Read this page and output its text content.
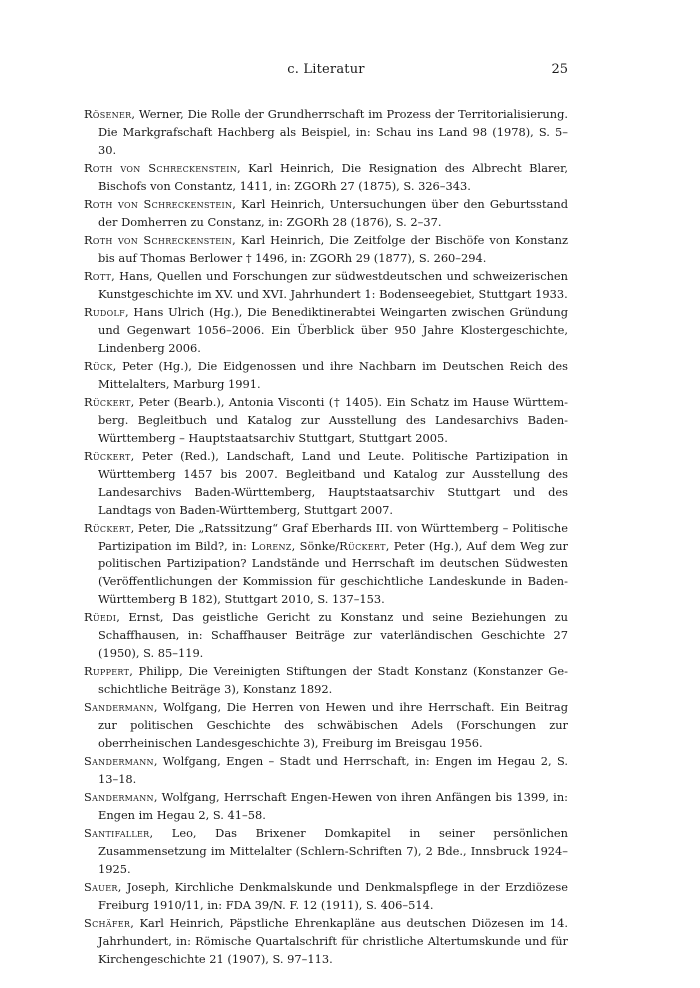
c. Literatur	25
Rösener, Werner, Die Rolle der Grundherrschaft im Prozess der Territorialisierung. Die Markgrafschaft Hachberg als Beispiel, in: Schau ins Land 98 (1978), S. 5–30.
Roth von Schreckenstein, Karl Heinrich, Die Resignation des Albrecht Blarer, Bischofs von Constantz, 1411, in: ZGORh 27 (1875), S. 326–343.
Roth von Schreckenstein, Karl Heinrich, Untersuchungen über den Geburtsstand der Domherren zu Constanz, in: ZGORh 28 (1876), S. 2–37.
Roth von Schreckenstein, Karl Heinrich, Die Zeitfolge der Bischöfe von Konstanz bis auf Thomas Berlower † 1496, in: ZGORh 29 (1877), S. 260–294.
Rott, Hans, Quellen und Forschungen zur südwestdeutschen und schweizerischen Kunstgeschichte im XV. und XVI. Jahrhundert 1: Bodenseegebiet, Stuttgart 1933.
Rudolf, Hans Ulrich (Hg.), Die Benediktinerabtei Weingarten zwischen Gründung und Gegenwart 1056–2006. Ein Überblick über 950 Jahre Klostergeschichte, Lindenberg 2006.
Rück, Peter (Hg.), Die Eidgenossen und ihre Nachbarn im Deutschen Reich des Mittelalters, Marburg 1991.
Rückert, Peter (Bearb.), Antonia Visconti († 1405). Ein Schatz im Hause Württemberg. Begleitbuch und Katalog zur Ausstellung des Landesarchivs Baden-Württemberg – Hauptstaatsarchiv Stuttgart, Stuttgart 2005.
Rückert, Peter (Red.), Landschaft, Land und Leute. Politische Partizipation in Württemberg 1457 bis 2007. Begleitband und Katalog zur Ausstellung des Landesarchivs Baden-Württemberg, Hauptstaatsarchiv Stuttgart und des Landtags von Baden-Württemberg, Stuttgart 2007.
Rückert, Peter, Die „Ratssitzung“ Graf Eberhards III. von Württemberg – Politische Partizipation im Bild?, in: Lorenz, Sönke/Rückert, Peter (Hg.), Auf dem Weg zur politischen Partizipation? Landstände und Herrschaft im deutschen Südwesten (Veröffentlichungen der Kommission für geschichtliche Landeskunde in Baden-Württemberg B 182), Stuttgart 2010, S. 137–153.
Rüedi, Ernst, Das geistliche Gericht zu Konstanz und seine Beziehungen zu Schaffhausen, in: Schaffhauser Beiträge zur vaterländischen Geschichte 27 (1950), S. 85–119.
Ruppert, Philipp, Die Vereinigten Stiftungen der Stadt Konstanz (Konstanzer Geschichtliche Beiträge 3), Konstanz 1892.
Sandermann, Wolfgang, Die Herren von Hewen und ihre Herrschaft. Ein Beitrag zur politischen Geschichte des schwäbischen Adels (Forschungen zur oberrheinischen Landesgeschichte 3), Freiburg im Breisgau 1956.
Sandermann, Wolfgang, Engen – Stadt und Herrschaft, in: Engen im Hegau 2, S. 13–18.
Sandermann, Wolfgang, Herrschaft Engen-Hewen von ihren Anfängen bis 1399, in: Engen im Hegau 2, S. 41–58.
Santifaller, Leo, Das Brixener Domkapitel in seiner persönlichen Zusammensetzung im Mittelalter (Schlern-Schriften 7), 2 Bde., Innsbruck 1924–1925.
Sauer, Joseph, Kirchliche Denkmalskunde und Denkmalspflege in der Erzdiözese Freiburg 1910/11, in: FDA 39/N. F. 12 (1911), S. 406–514.
Schäfer, Karl Heinrich, Päpstliche Ehrenkapläne aus deutschen Diözesen im 14. Jahrhundert, in: Römische Quartalschrift für christliche Altertumskunde und für Kirchengeschichte 21 (1907), S. 97–113.
